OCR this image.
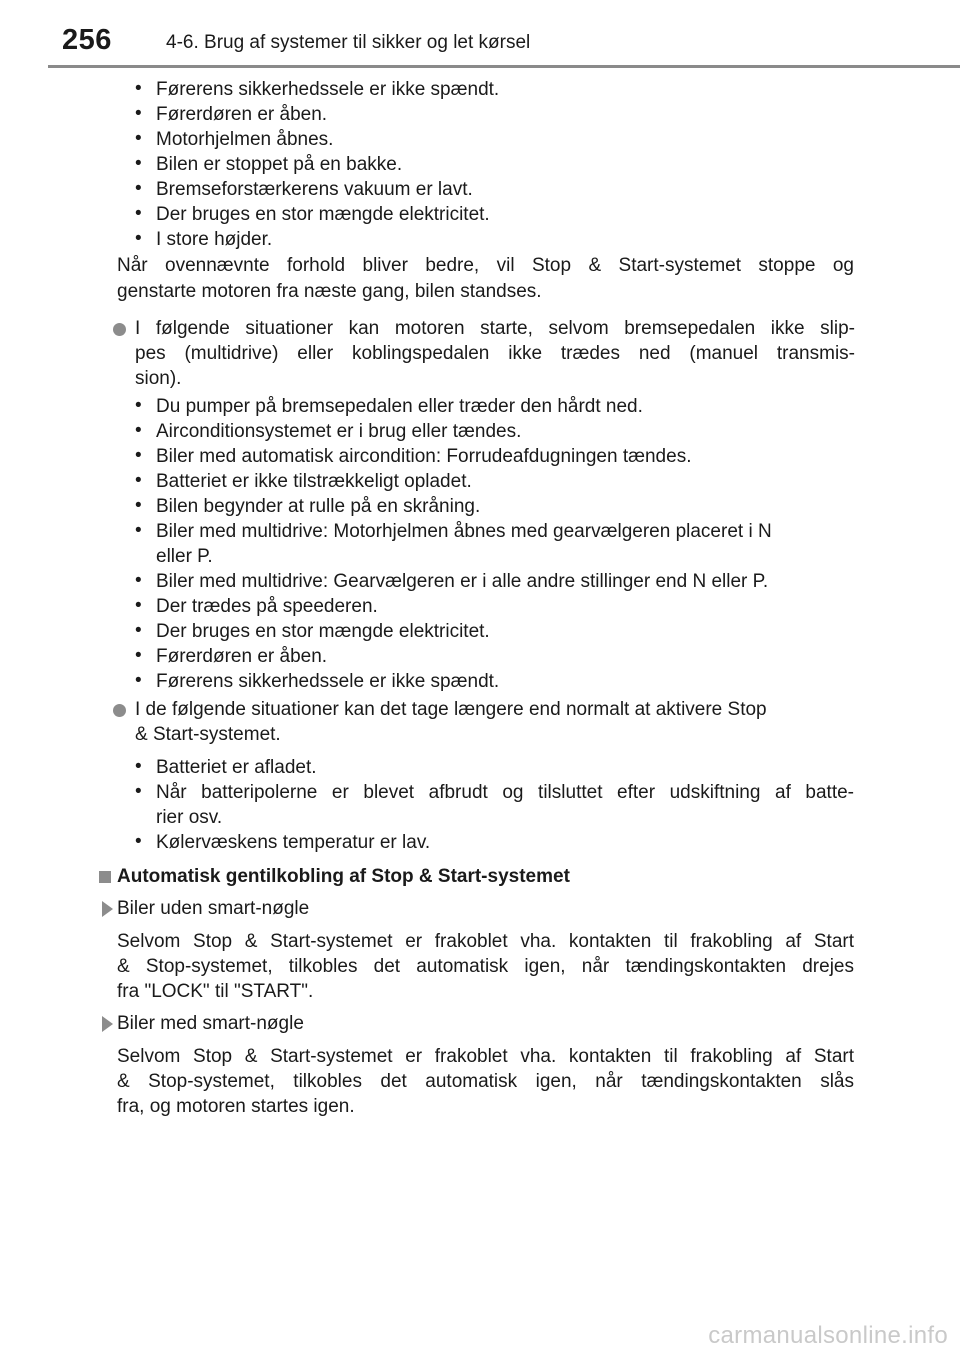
256	4-6. Brug af systemer til sikker og let kørsel
• Førerens sikkerhedssele er ikke spændt.
• Førerdøren er åben.
• Motorhjelmen åbnes.
• Bilen er stoppet på en bakke.
• Bremseforstærkerens vakuum er lavt.
• Der bruges en stor mængde elektricitet.
• I store højder.
Når ovennævnte forhold bliver bedre, vil Stop & Start-systemet stoppe og
genstarte motoren fra næste gang, bilen standses.
I følgende situationer kan motoren starte, selvom bremsepedalen ikke slip-
pes (multidrive) eller koblingspedalen ikke trædes ned (manuel transmis-
sion).
• Du pumper på bremsepedalen eller træder den hårdt ned.
• Airconditionsystemet er i brug eller tændes.
• Biler med automatisk aircondition: Forrudeafdugningen tændes.
• Batteriet er ikke tilstrækkeligt opladet.
• Bilen begynder at rulle på en skråning.
• Biler med multidrive: Motorhjelmen åbnes med gearvælgeren placeret i N
eller P.
• Biler med multidrive: Gearvælgeren er i alle andre stillinger end N eller P.
• Der trædes på speederen.
• Der bruges en stor mængde elektricitet.
• Førerdøren er åben.
• Førerens sikkerhedssele er ikke spændt.
I de følgende situationer kan det tage længere end normalt at aktivere Stop
& Start-systemet.
• Batteriet er afladet.
• Når batteripolerne er blevet afbrudt og tilsluttet efter udskiftning af batte-
rier osv.
• Kølervæskens temperatur er lav.
Automatisk gentilkobling af Stop & Start-systemet
Biler uden smart-nøgle
Selvom Stop & Start-systemet er frakoblet vha. kontakten til frakobling af Start
& Stop-systemet, tilkobles det automatisk igen, når tændingskontakten drejes
fra "LOCK" til "START".
Biler med smart-nøgle
Selvom Stop & Start-systemet er frakoblet vha. kontakten til frakobling af Start
& Stop-systemet, tilkobles det automatisk igen, når tændingskontakten slås
fra, og motoren startes igen.
carmanualsonline.info
